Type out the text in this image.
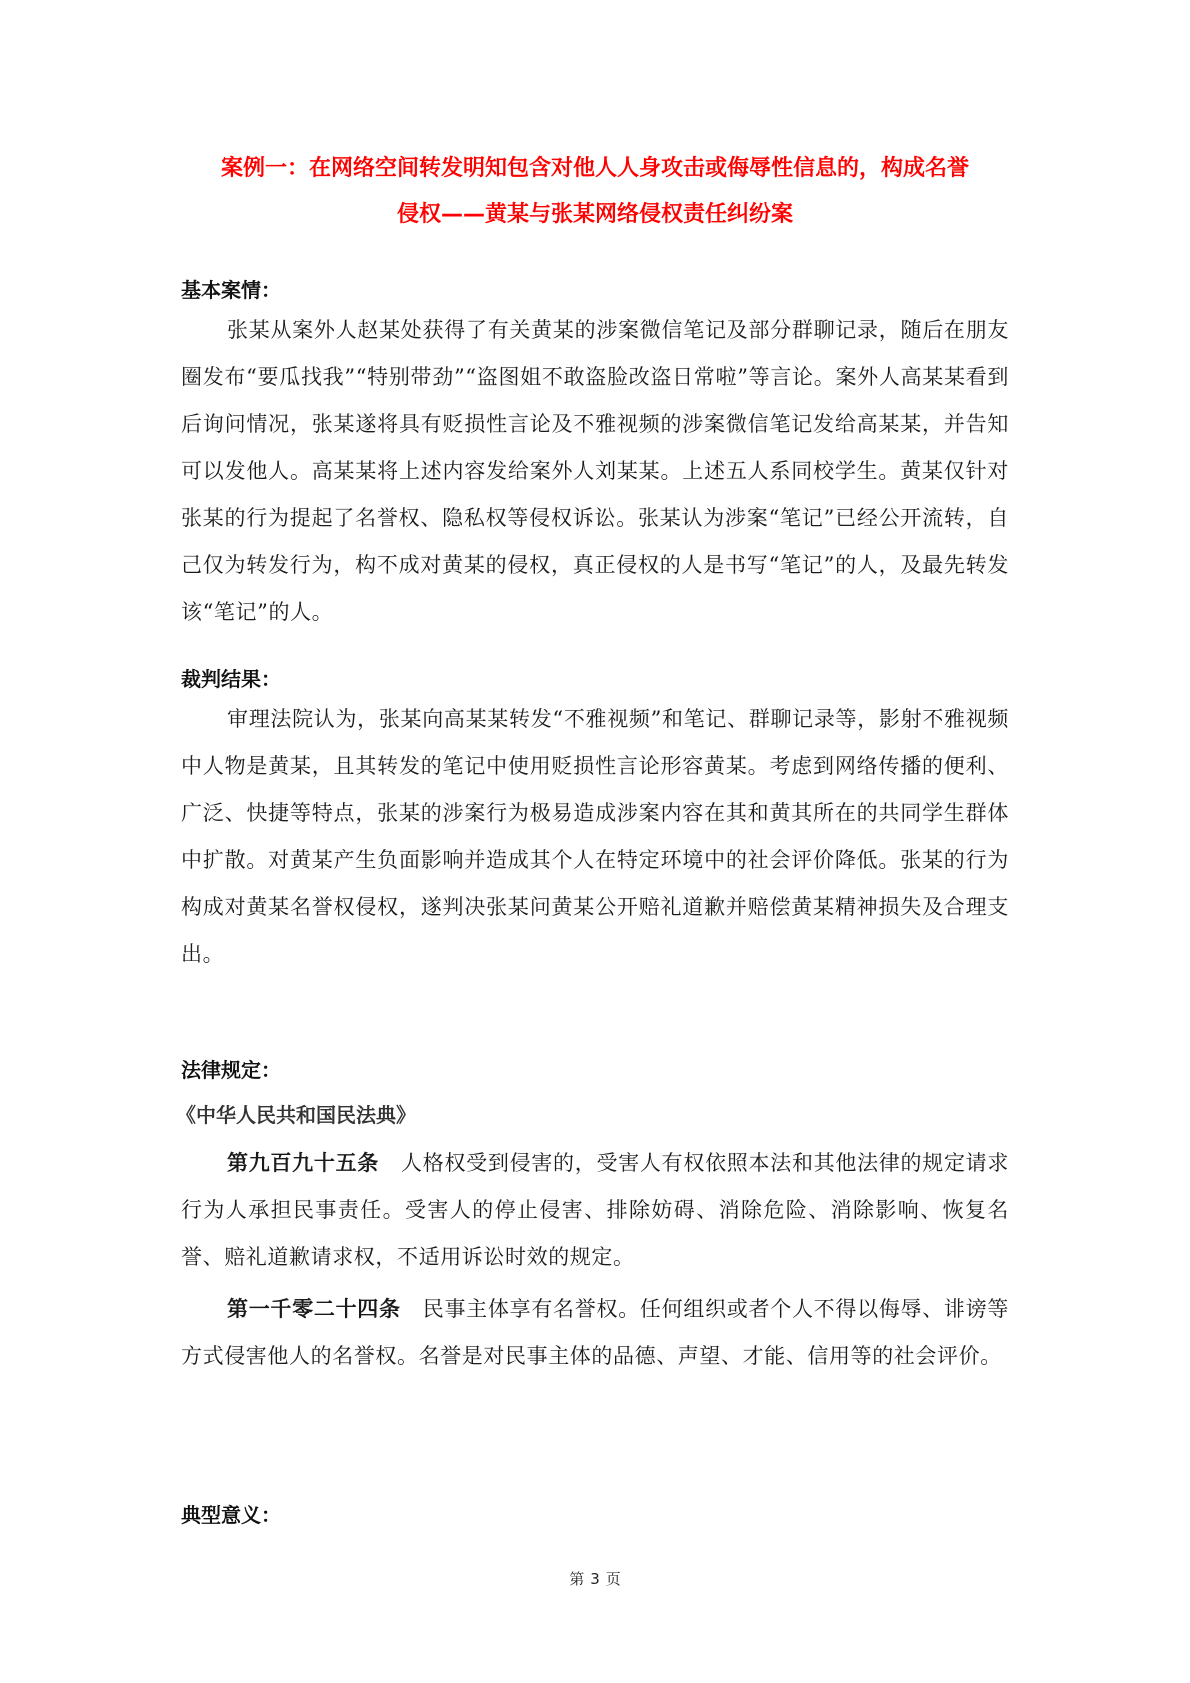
案例一：在网络空间转发明知包含对他人人身攻击或侮辱性信息的，构成名誉
侵权——黄某与张某网络侵权责任纠纷案
基本案情：
张某从案外人赵某处获得了有关黄某的涉案微信笔记及部分群聊记录，随后在朋友圈发布“要瓜找我”“特别带劲”“盗图姐不敢盗脸改盗日常啦”等言论。案外人高某某看到后询问情况，张某遂将具有贬损性言论及不雅视频的涉案微信笔记发给高某某，并告知可以发他人。高某某将上述内容发给案外人刘某某。上述五人系同校学生。黄某仅针对张某的行为提起了名誉权、隐私权等侵权诉讼。张某认为涉案“笔记”已经公开流转，自己仅为转发行为，构不成对黄某的侵权，真正侵权的人是书写“笔记”的人，及最先转发该“笔记”的人。
裁判结果：
审理法院认为，张某向高某某转发“不雅视频”和笔记、群聊记录等，影射不雅视频中人物是黄某，且其转发的笔记中使用贬损性言论形容黄某。考虑到网络传播的便利、广泛、快捷等特点，张某的涉案行为极易造成涉案内容在其和黄其所在的共同学生群体中扩散。对黄某产生负面影响并造成其个人在特定环境中的社会评价降低。张某的行为构成对黄某名誉权侵权，遂判决张某问黄某公开赔礼道歉并赔偿黄某精神损失及合理支出。
法律规定：
《中华人民共和国民法典》
第九百九十五条 人格权受到侵害的，受害人有权依照本法和其他法律的规定请求行为人承担民事责任。受害人的停止侵害、排除妨碍、消除危险、消除影响、恢复名誉、赔礼道歉请求权，不适用诉讼时效的规定。
第一千零二十四条 民事主体享有名誉权。任何组织或者个人不得以侮辱、诽谤等方式侵害他人的名誉权。名誉是对民事主体的品德、声望、才能、信用等的社会评价。
典型意义：
第 3 页
